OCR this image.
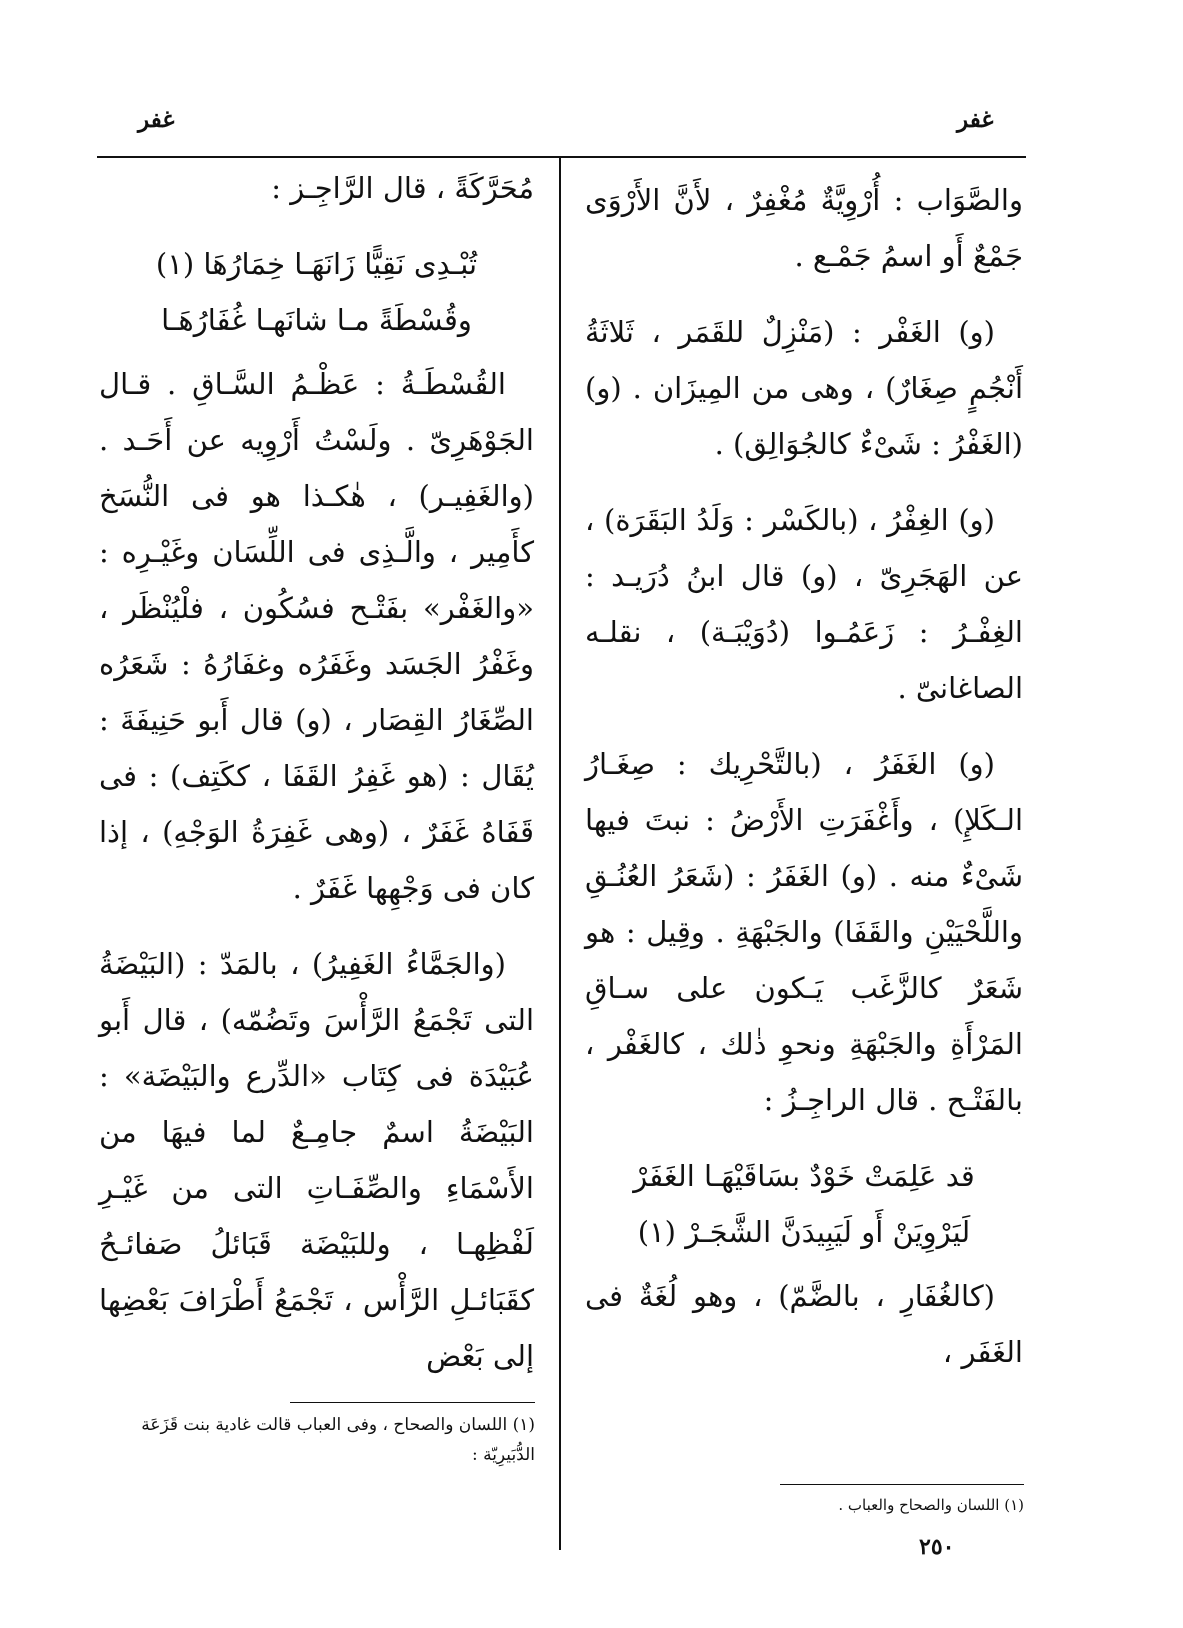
غفر	غفر

والصَّوَاب : أُرْوِيَّةٌ مُغْفِرٌ ، لأَنَّ الأَرْوَى جَمْعٌ أَو اسمُ جَمْـع .

(و) الغَفْر : (مَنْزِلٌ للقَمَر ، ثَلاثَةُ أَنْجُمٍ صِغَارٌ) ، وهى من المِيزَان . (و) (الغَفْرُ : شَىْءٌ كالجُوَالِق) .

(و) الغِفْرُ ، (بالكَسْر : وَلَدُ البَقَرَة) ، عن الهَجَرِىّ ، (و) قال ابنُ دُرَيـد : الغِفْـرُ : زَعَمُـوا (دُوَيْبَـة) ، نقلـه الصاغانىّ .

(و) الغَفَرُ ، (بالتَّحْرِيك : صِغَـارُ الـكَلإِ) ، وأَغْفَرَتِ الأَرْضُ : نبتَ فيها شَىْءٌ منه . (و) الغَفَرُ : (شَعَرُ العُنُـقِ واللَّحْيَيْنِ والقَفَا) والجَبْهَةِ . وقِيل : هو شَعَرٌ كالزَّغَب يَـكون على سـاقِ المَرْأَةِ والجَبْهَةِ ونحوِ ذٰلك ، كالغَفْر ، بالفَتْـح . قال الراجِـزُ :

قد عَلِمَتْ خَوْدٌ بسَاقَيْهَـا الغَفَرْ
لَيَرْوِيَنْ أَو لَيَبِيدَنَّ الشَّجَـرْ (١)

(كالغُفَارِ ، بالضَّمّ) ، وهو لُغَةٌ فى الغَفَر ،

مُحَرَّكَةً ، قال الرَّاجِـز :

تُبْـدِى نَقِيًّا زَانَهَـا خِمَارُهَا (١)
وقُسْطَةً مـا شانَهـا غُفَارُهَـا

القُسْطَـةُ : عَظْـمُ السَّـاقِ . قـال الجَوْهَرِىّ . ولَسْتُ أَرْوِيه عن أَحَـد . (والغَفِيـر) ، هٰكـذا هو فى النُّسَخ كأَمِير ، والَّـذِى فى اللِّسَان وغَيْـرِه : «والغَفْر» بفَتْـح فسُكُون ، فلْيُنْظَر ، وغَفْرُ الجَسَد وغَفَرُه وغفَارُهُ : شَعَرُه الصِّغَارُ القِصَار ، (و) قال أَبو حَنِيفَةَ : يُقَال : (هو غَفِرُ القَفَا ، ككَتِف) : فى قَفَاهُ غَفَرٌ ، (وهى غَفِرَةُ الوَجْهِ) ، إذا كان فى وَجْهِها غَفَرٌ .

(والجَمَّاءُ الغَفِيرُ) ، بالمَدّ : (البَيْضَةُ التى تَجْمَعُ الرَّأْسَ وتَضُمّه) ، قال أَبو عُبَيْدَة فى كِتَاب «الدِّرع والبَيْضَة» : البَيْضَةُ اسمٌ جامِـعٌ لما فيهَا من الأَسْمَاءِ والصِّفَـاتِ التى من غَيْـرِ لَفْظِهـا ، وللبَيْضَة قَبَائلُ صَفائـحُ كقَبَائـلِ الرَّأْس ، تَجْمَعُ أَطْرَافَ بَعْضِها إلى بَعْض

(١) اللسان والصحاح والعباب .
(١) اللسان والصحاح ، وفى العباب قالت غادية بنت قَزَعَة الدُّبَيرِيّة :
٢٥٠
